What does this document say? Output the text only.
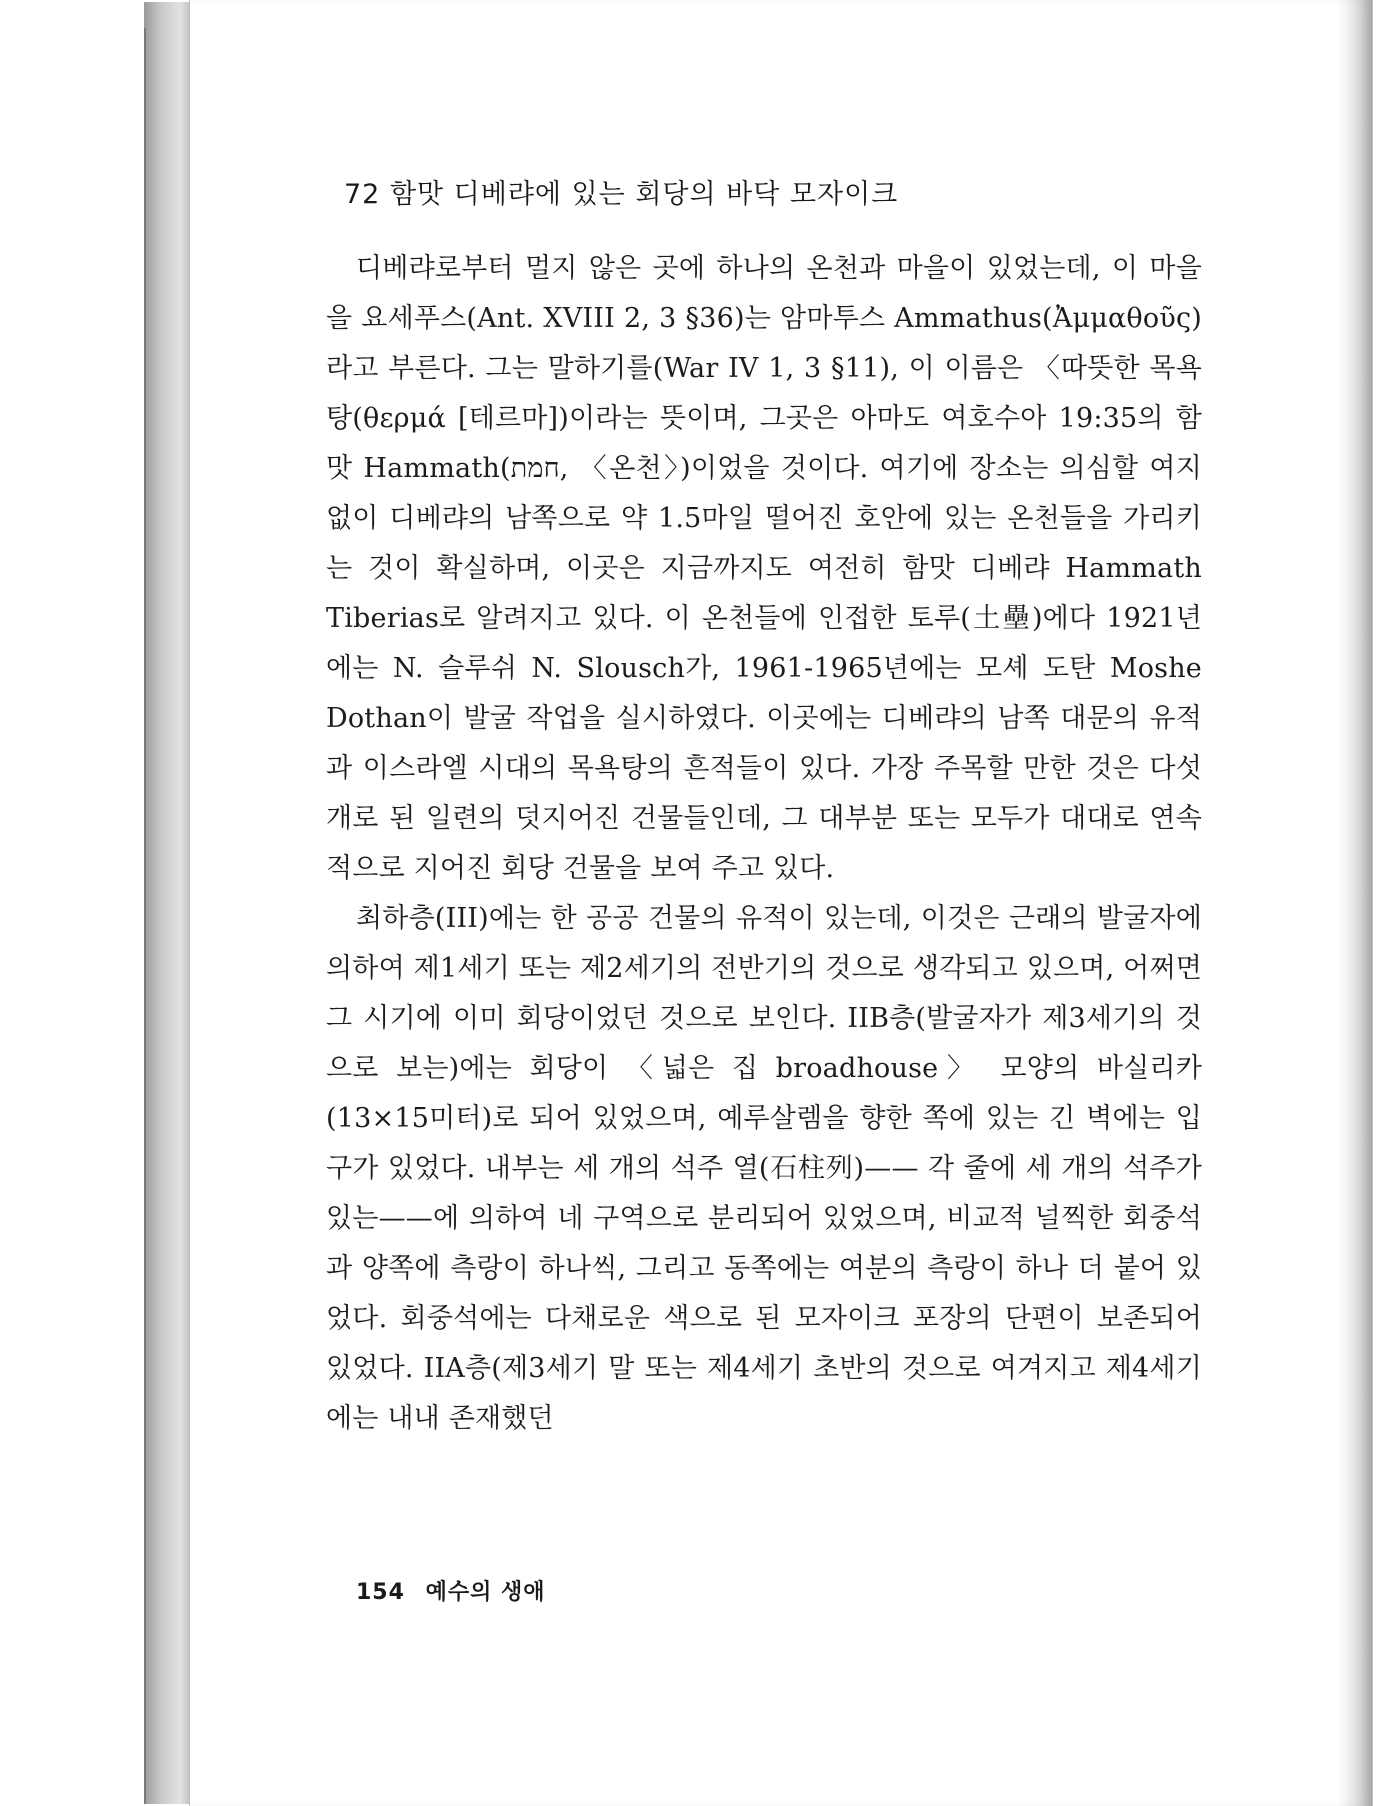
72 함맛 디베랴에 있는 회당의 바닥 모자이크

디베랴로부터 멀지 않은 곳에 하나의 온천과 마을이 있었는데, 이 마을을 요세푸스(Ant. XVIII 2, 3 §36)는 암마투스 Ammathus(Ἀμμαθοῦς) 라고 부른다. 그는 말하기를(War IV 1, 3 §11), 이 이름은 〈따뜻한 목욕탕(θερμά [테르마])이라는 뜻이며, 그곳은 아마도 여호수아 19:35의 함맛 Hammath(חמת, 〈온천〉)이었을 것이다. 여기에 장소는 의심할 여지 없이 디베랴의 남쪽으로 약 1.5마일 떨어진 호안에 있는 온천들을 가리키는 것이 확실하며, 이곳은 지금까지도 여전히 함맛 디베랴 Hammath Tiberias로 알려지고 있다. 이 온천들에 인접한 토루(土壘)에다 1921년에는 N. 슬루쉬 N. Slousch가, 1961-1965년에는 모셰 도탄 Moshe Dothan이 발굴 작업을 실시하였다. 이곳에는 디베랴의 남쪽 대문의 유적과 이스라엘 시대의 목욕탕의 흔적들이 있다. 가장 주목할 만한 것은 다섯 개로 된 일련의 덧지어진 건물들인데, 그 대부분 또는 모두가 대대로 연속적으로 지어진 회당 건물을 보여 주고 있다.

최하층(III)에는 한 공공 건물의 유적이 있는데, 이것은 근래의 발굴자에 의하여 제1세기 또는 제2세기의 전반기의 것으로 생각되고 있으며, 어쩌면 그 시기에 이미 회당이었던 것으로 보인다. IIB층(발굴자가 제3세기의 것으로 보는)에는 회당이 〈넓은 집 broadhouse〉 모양의 바실리카(13×15미터)로 되어 있었으며, 예루살렘을 향한 쪽에 있는 긴 벽에는 입구가 있었다. 내부는 세 개의 석주 열(石柱列)—— 각 줄에 세 개의 석주가 있는——에 의하여 네 구역으로 분리되어 있었으며, 비교적 널찍한 회중석과 양쪽에 측랑이 하나씩, 그리고 동쪽에는 여분의 측랑이 하나 더 붙어 있었다. 회중석에는 다채로운 색으로 된 모자이크 포장의 단편이 보존되어 있었다. IIA층(제3세기 말 또는 제4세기 초반의 것으로 여겨지고 제4세기에는 내내 존재했던

154 예수의 생애
